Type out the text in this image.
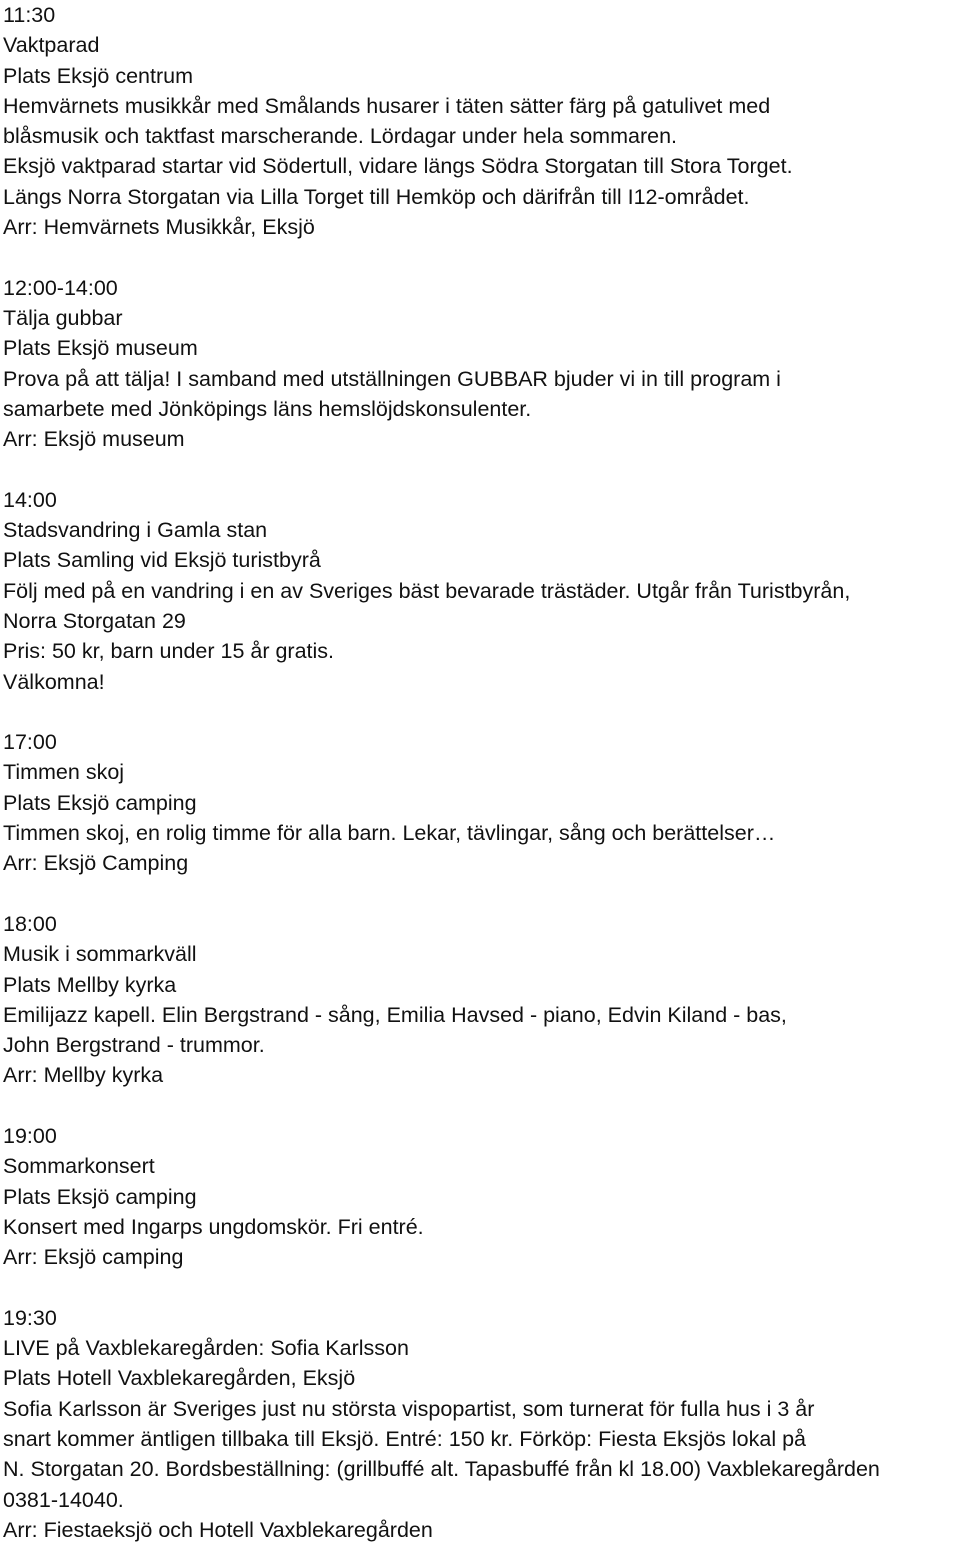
11:30

Vaktparad

Plats Eksjö centrum

Hemvärnets musikkår med Smålands husarer i täten sätter färg på gatulivet med

blåsmusik och taktfast marscherande. Lördagar under hela sommaren.

Eksjö vaktparad startar vid Södertull, vidare längs Södra Storgatan till Stora Torget.

Längs Norra Storgatan via Lilla Torget till Hemköp och därifrån till I12-området.

Arr: Hemvärnets Musikkår, Eksjö

12:00-14:00

Tälja gubbar

Plats Eksjö museum

Prova på att tälja! I samband med utställningen GUBBAR bjuder vi in till program i

samarbete med Jönköpings läns hemslöjdskonsulenter.

Arr: Eksjö museum

14:00

Stadsvandring i Gamla stan

Plats Samling vid Eksjö turistbyrå

Följ med på en vandring i en av Sveriges bäst bevarade trästäder. Utgår från Turistbyrån,

Norra Storgatan 29

Pris: 50 kr, barn under 15 år gratis.

Välkomna!

17:00

Timmen skoj

Plats Eksjö camping

Timmen skoj, en rolig timme för alla barn. Lekar, tävlingar, sång och berättelser…

Arr: Eksjö Camping

18:00

Musik i sommarkväll

Plats Mellby kyrka

Emilijazz kapell. Elin Bergstrand - sång, Emilia Havsed - piano, Edvin Kiland - bas,

John Bergstrand - trummor.

Arr: Mellby kyrka

19:00

Sommarkonsert

Plats Eksjö camping

Konsert med Ingarps ungdomskör. Fri entré.

Arr: Eksjö camping

19:30

LIVE på Vaxblekaregården: Sofia Karlsson

Plats Hotell Vaxblekaregården, Eksjö

Sofia Karlsson är Sveriges just nu största vispopartist, som turnerat för fulla hus i 3 år

snart kommer äntligen tillbaka till Eksjö. Entré: 150 kr. Förköp: Fiesta Eksjös lokal på

N. Storgatan 20. Bordsbeställning: (grillbuffé alt. Tapasbuffé från kl 18.00) Vaxblekaregården

0381-14040.

Arr: Fiestaeksjö och Hotell Vaxblekaregården
